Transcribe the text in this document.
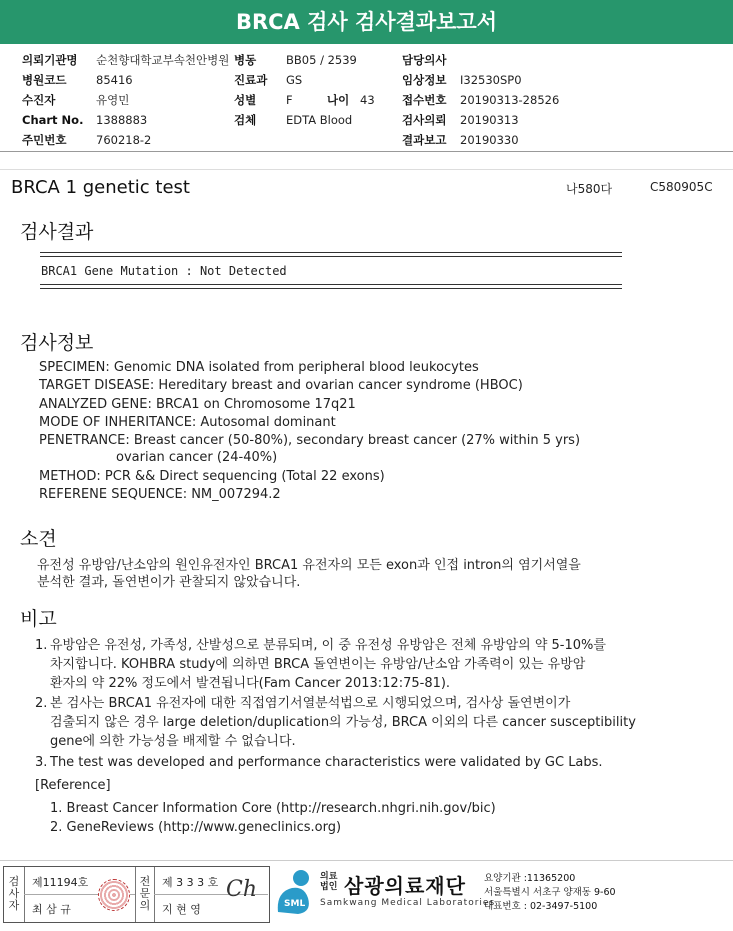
BRCA 검사 검사결과보고서
의뢰기관명 순천향대학교부속천안병원 병동	BB05 / 2539	담당의사
병원코드	85416	진료과 GS	임상정보 I32530SP0
수진자	유영민	성별	F	나이 43 접수번호 20190313-28526
Chart No. 1388883	검체	EDTA Blood	검사의뢰 20190313
주민번호	760218-2	결과보고 20190330
BRCA 1 genetic test	나580다	C580905C
검사결과
BRCA1 Gene Mutation : Not Detected
검사정보
SPECIMEN: Genomic DNA isolated from peripheral blood leukocytes
TARGET DISEASE: Hereditary breast and ovarian cancer syndrome (HBOC)
ANALYZED GENE: BRCA1 on Chromosome 17q21
MODE OF INHERITANCE: Autosomal dominant
PENETRANCE: Breast cancer (50-80%), secondary breast cancer (27% within 5 yrs)
ovarian cancer (24-40%)
METHOD: PCR && Direct sequencing (Total 22 exons)
REFERENE SEQUENCE: NM_007294.2
소견
유전성 유방암/난소암의 원인유전자인 BRCA1 유전자의 모든 exon과 인접 intron의 염기서열을
분석한 결과, 돌연변이가 관찰되지 않았습니다.
비고
1. 유방암은 유전성, 가족성, 산발성으로 분류되며, 이 중 유전성 유방암은 전체 유방암의 약 5-10%를
차지합니다. KOHBRA study에 의하면 BRCA 돌연변이는 유방암/난소암 가족력이 있는 유방암
환자의 약 22% 정도에서 발견됩니다(Fam Cancer 2013:12:75-81).
2. 본 검사는 BRCA1 유전자에 대한 직접염기서열분석법으로 시행되었으며, 검사상 돌연변이가
검출되지 않은 경우 large deletion/duplication의 가능성, BRCA 이외의 다른 cancer susceptibility
gene에 의한 가능성을 배제할 수 없습니다.
3. The test was developed and performance characteristics were validated by GC Labs.
[Reference]
1. Breast Cancer Information Core (http://research.nhgri.nih.gov/bic)
2. GeneReviews (http://www.geneclinics.org)
검사자
제11194호
최 삼 규
전문의
제 3 3 3 호
지 현 영
Ch
SML
의료
법인 삼광의료재단
Samkwang Medical Laboratories
요양기관 :11365200
서울특별시 서초구 양재동 9-60
대표번호 : 02-3497-5100
